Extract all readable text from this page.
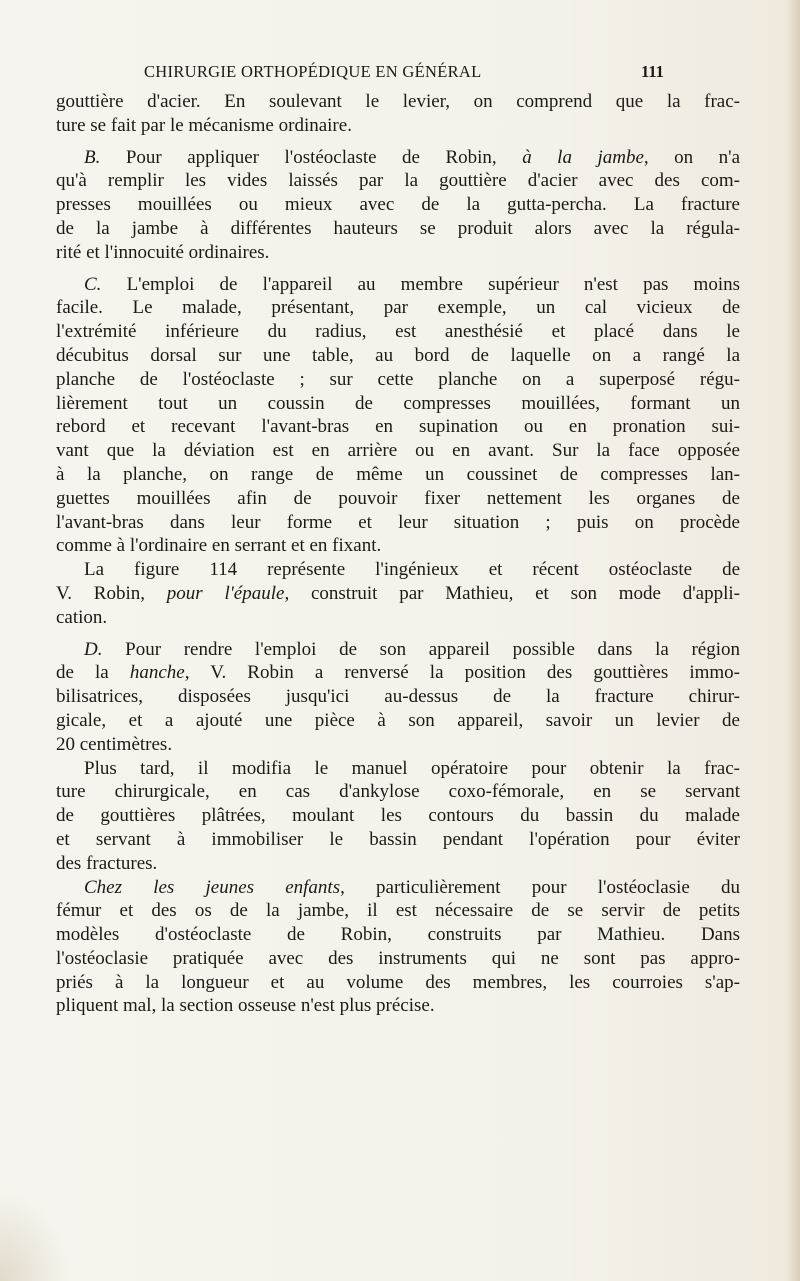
CHIRURGIE ORTHOPÉDIQUE EN GÉNÉRAL	111
gouttière d'acier. En soulevant le levier, on comprend que la frac-
ture se fait par le mécanisme ordinaire.
B. Pour appliquer l'ostéoclaste de Robin, à la jambe, on n'a
qu'à remplir les vides laissés par la gouttière d'acier avec des com-
presses mouillées ou mieux avec de la gutta-percha. La fracture
de la jambe à différentes hauteurs se produit alors avec la régula-
rité et l'innocuité ordinaires.
C. L'emploi de l'appareil au membre supérieur n'est pas moins
facile. Le malade, présentant, par exemple, un cal vicieux de
l'extrémité inférieure du radius, est anesthésié et placé dans le
décubitus dorsal sur une table, au bord de laquelle on a rangé la
planche de l'ostéoclaste ; sur cette planche on a superposé régu-
lièrement tout un coussin de compresses mouillées, formant un
rebord et recevant l'avant-bras en supination ou en pronation sui-
vant que la déviation est en arrière ou en avant. Sur la face opposée
à la planche, on range de même un coussinet de compresses lan-
guettes mouillées afin de pouvoir fixer nettement les organes de
l'avant-bras dans leur forme et leur situation ; puis on procède
comme à l'ordinaire en serrant et en fixant.
La figure 114 représente l'ingénieux et récent ostéoclaste de
V. Robin, pour l'épaule, construit par Mathieu, et son mode d'appli-
cation.
D. Pour rendre l'emploi de son appareil possible dans la région
de la hanche, V. Robin a renversé la position des gouttières immo-
bilisatrices, disposées jusqu'ici au-dessus de la fracture chirur-
gicale, et a ajouté une pièce à son appareil, savoir un levier de
20 centimètres.
Plus tard, il modifia le manuel opératoire pour obtenir la frac-
ture chirurgicale, en cas d'ankylose coxo-fémorale, en se servant
de gouttières plâtrées, moulant les contours du bassin du malade
et servant à immobiliser le bassin pendant l'opération pour éviter
des fractures.
Chez les jeunes enfants, particulièrement pour l'ostéoclasie du
fémur et des os de la jambe, il est nécessaire de se servir de petits
modèles d'ostéoclaste de Robin, construits par Mathieu. Dans
l'ostéoclasie pratiquée avec des instruments qui ne sont pas appro-
priés à la longueur et au volume des membres, les courroies s'ap-
pliquent mal, la section osseuse n'est plus précise.
